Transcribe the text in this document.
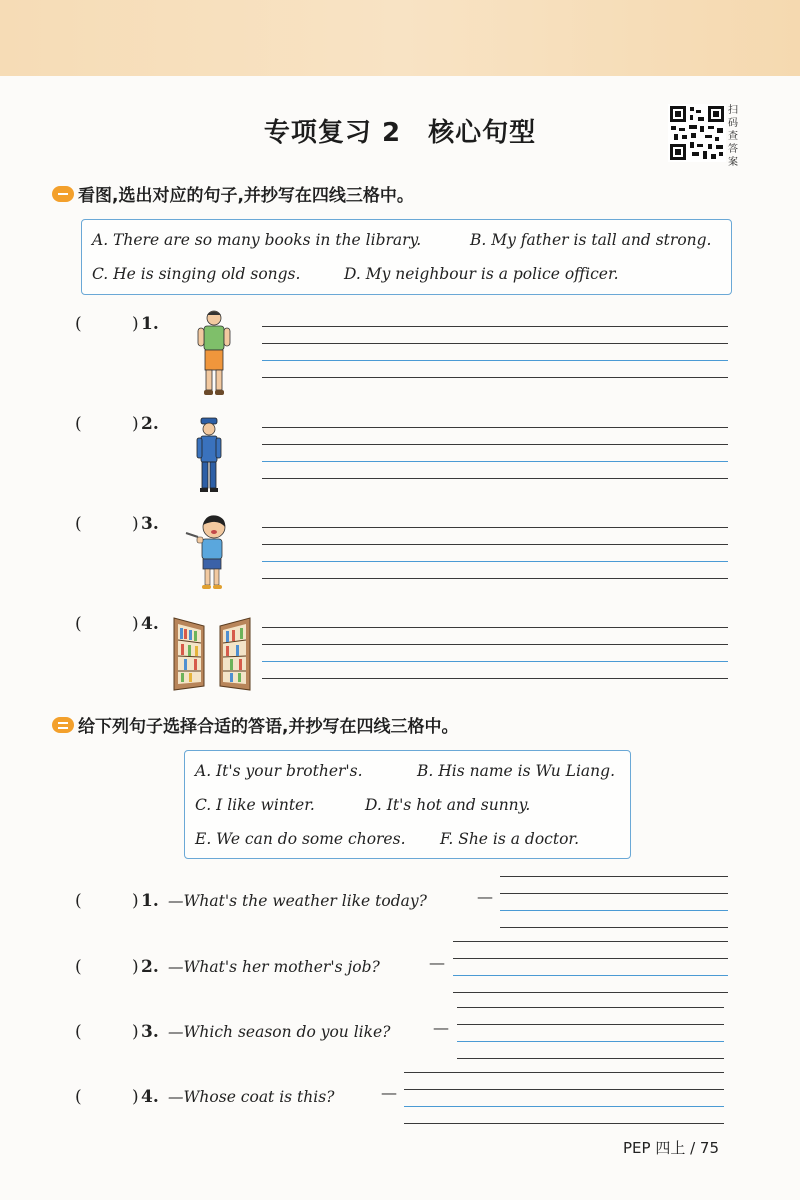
专项复习 2　核心句型
扫
码
查
答
案
看图,选出对应的句子,并抄写在四线三格中。
A. There are so many books in the library.	B. My father is tall and strong.
C. He is singing old songs.	D. My neighbour is a police officer.
(	) 1.
(	) 2.
(	) 3.
(	) 4.
给下列句子选择合适的答语,并抄写在四线三格中。
A. It's your brother's.	B. His name is Wu Liang.
C. I like winter.	D. It's hot and sunny.
E. We can do some chores. F. She is a doctor.
(	) 1. —What's the weather like today?	—
(	) 2. —What's her mother's job?	—
(	) 3. —Which season do you like?	—
(	) 4. —Whose coat is this?	—
PEP 四上 / 75
